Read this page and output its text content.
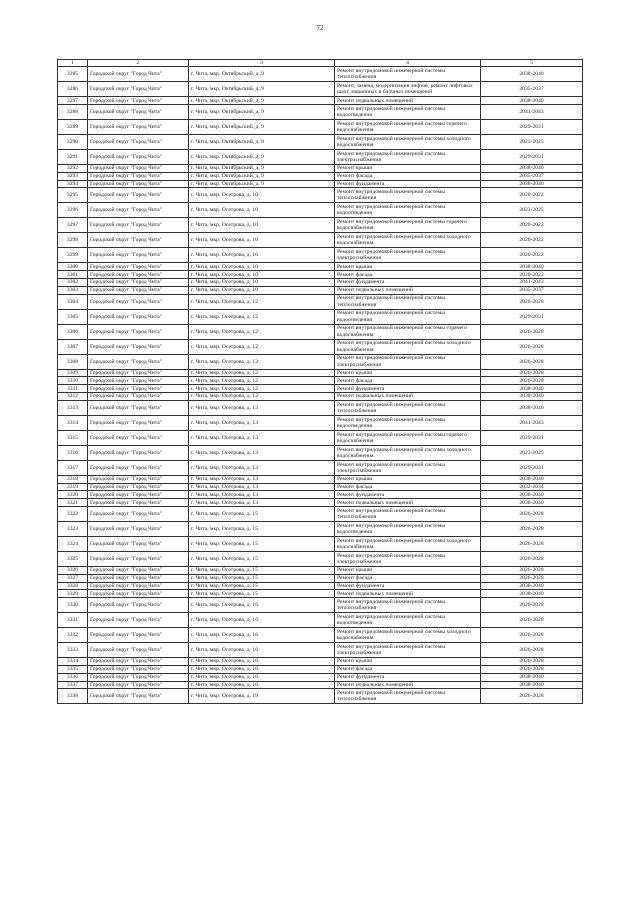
72
1	2	3	4	5
3285	Городской округ "Город Чита"	г. Чита, мкр. Октябрьский, д. 9	Ремонт внутридомовой инженерной системы теплоснабжения	2038-2040
3286	Городской округ "Город Чита"	г. Чита, мкр. Октябрьский, д. 9	Ремонт, замена, модернизация лифтов, ремонт лифтовых шахт, машинных и блочных помещений	2035-2037
3287	Городской округ "Город Чита"	г. Чита, мкр. Октябрьский, д. 9	Ремонт подвальных помещений	2038-2040
3288	Городской округ "Город Чита"	г. Чита, мкр. Октябрьский, д. 9	Ремонт внутридомовой инженерной системы водоотведения	2041-2043
3289	Городской округ "Город Чита"	г. Чита, мкр. Октябрьский, д. 9	Ремонт внутридомовой инженерной системы горячего водоснабжения	2029-2031
3290	Городской округ "Город Чита"	г. Чита, мкр. Октябрьский, д. 9	Ремонт внутридомовой инженерной системы холодного водоснабжения	2023-2025
3291	Городской округ "Город Чита"	г. Чита, мкр. Октябрьский, д. 9	Ремонт внутридомовой инженерной системы электроснабжения	2029-2031
3292	Городской округ "Город Чита"	г. Чита, мкр. Октябрьский, д. 9	Ремонт крыши	2038-2040
3293	Городской округ "Город Чита"	г. Чита, мкр. Октябрьский, д. 9	Ремонт фасада	2035-2037
3294	Городской округ "Город Чита"	г. Чита, мкр. Октябрьский, д. 9	Ремонт фундамента	2038-2040
3295	Городской округ "Город Чита"	г. Чита, мкр. Осетрова, д. 10	Ремонт внутридомовой инженерной системы теплоснабжения	2020-2022
3296	Городской округ "Город Чита"	г. Чита, мкр. Осетрова, д. 10	Ремонт внутридомовой инженерной системы водоотведения	2023-2025
3297	Городской округ "Город Чита"	г. Чита, мкр. Осетрова, д. 10	Ремонт внутридомовой инженерной системы горячего водоснабжения	2020-2022
3298	Городской округ "Город Чита"	г. Чита, мкр. Осетрова, д. 10	Ремонт внутридомовой инженерной системы холодного водоснабжения	2020-2022
3299	Городской округ "Город Чита"	г. Чита, мкр. Осетрова, д. 10	Ремонт внутридомовой инженерной системы электроснабжения	2020-2022
3300	Городской округ "Город Чита"	г. Чита, мкр. Осетрова, д. 10	Ремонт крыши	2038-2040
3301	Городской округ "Город Чита"	г. Чита, мкр. Осетрова, д. 10	Ремонт фасада	2020-2022
3302	Городской округ "Город Чита"	г. Чита, мкр. Осетрова, д. 10	Ремонт фундамента	2041-2043
3303	Городской округ "Город Чита"	г. Чита, мкр. Осетрова, д. 10	Ремонт подвальных помещений	2035-2037
3304	Городской округ "Город Чита"	г. Чита, мкр. Осетрова, д. 12	Ремонт внутридомовой инженерной системы теплоснабжения	2026-2028
3305	Городской округ "Город Чита"	г. Чита, мкр. Осетрова, д. 12	Ремонт внутридомовой инженерной системы водоотведения	2029-2031
3306	Городской округ "Город Чита"	г. Чита, мкр. Осетрова, д. 12	Ремонт внутридомовой инженерной системы горячего водоснабжения	2026-2028
3307	Городской округ "Город Чита"	г. Чита, мкр. Осетрова, д. 12	Ремонт внутридомовой инженерной системы холодного водоснабжения	2026-2028
3308	Городской округ "Город Чита"	г. Чита, мкр. Осетрова, д. 12	Ремонт внутридомовой инженерной системы электроснабжения	2026-2028
3309	Городской округ "Город Чита"	г. Чита, мкр. Осетрова, д. 12	Ремонт крыши	2026-2028
3310	Городской округ "Город Чита"	г. Чита, мкр. Осетрова, д. 12	Ремонт фасада	2026-2028
3311	Городской округ "Город Чита"	г. Чита, мкр. Осетрова, д. 12	Ремонт фундамента	2038-2040
3312	Городской округ "Город Чита"	г. Чита, мкр. Осетрова, д. 12	Ремонт подвальных помещений	2038-2040
3313	Городской округ "Город Чита"	г. Чита, мкр. Осетрова, д. 13	Ремонт внутридомовой инженерной системы теплоснабжения	2038-2040
3314	Городской округ "Город Чита"	г. Чита, мкр. Осетрова, д. 13	Ремонт внутридомовой инженерной системы водоотведения	2041-2043
3315	Городской округ "Город Чита"	г. Чита, мкр. Осетрова, д. 13	Ремонт внутридомовой инженерной системы горячего водоснабжения	2029-2031
3316	Городской округ "Город Чита"	г. Чита, мкр. Осетрова, д. 13	Ремонт внутридомовой инженерной системы холодного водоснабжения	2023-2025
3317	Городской округ "Город Чита"	г. Чита, мкр. Осетрова, д. 13	Ремонт внутридомовой инженерной системы электроснабжения	2029-2031
3318	Городской округ "Город Чита"	г. Чита, мкр. Осетрова, д. 13	Ремонт крыши	2038-2040
3319	Городской округ "Город Чита"	г. Чита, мкр. Осетрова, д. 13	Ремонт фасада	2032-2034
3320	Городской округ "Город Чита"	г. Чита, мкр. Осетрова, д. 13	Ремонт фундамента	2038-2040
3321	Городской округ "Город Чита"	г. Чита, мкр. Осетрова, д. 13	Ремонт подвальных помещений	2038-2040
3322	Городской округ "Город Чита"	г. Чита, мкр. Осетрова, д. 15	Ремонт внутридомовой инженерной системы теплоснабжения	2026-2028
3323	Городской округ "Город Чита"	г. Чита, мкр. Осетрова, д. 15	Ремонт внутридомовой инженерной системы водоотведения	2026-2028
3324	Городской округ "Город Чита"	г. Чита, мкр. Осетрова, д. 15	Ремонт внутридомовой инженерной системы холодного водоснабжения	2026-2028
3325	Городской округ "Город Чита"	г. Чита, мкр. Осетрова, д. 15	Ремонт внутридомовой инженерной системы электроснабжения	2026-2028
3326	Городской округ "Город Чита"	г. Чита, мкр. Осетрова, д. 15	Ремонт крыши	2026-2028
3327	Городской округ "Город Чита"	г. Чита, мкр. Осетрова, д. 15	Ремонт фасада	2026-2028
3328	Городской округ "Город Чита"	г. Чита, мкр. Осетрова, д. 15	Ремонт фундамента	2038-2040
3329	Городской округ "Город Чита"	г. Чита, мкр. Осетрова, д. 15	Ремонт подвальных помещений	2038-2040
3330	Городской округ "Город Чита"	г. Чита, мкр. Осетрова, д. 16	Ремонт внутридомовой инженерной системы теплоснабжения	2026-2028
3331	Городской округ "Город Чита"	г. Чита, мкр. Осетрова, д. 16	Ремонт внутридомовой инженерной системы водоотведения	2026-2028
3332	Городской округ "Город Чита"	г. Чита, мкр. Осетрова, д. 16	Ремонт внутридомовой инженерной системы холодного водоснабжения	2026-2028
3333	Городской округ "Город Чита"	г. Чита, мкр. Осетрова, д. 16	Ремонт внутридомовой инженерной системы электроснабжения	2026-2028
3334	Городской округ "Город Чита"	г. Чита, мкр. Осетрова, д. 16	Ремонт крыши	2026-2028
3335	Городской округ "Город Чита"	г. Чита, мкр. Осетрова, д. 16	Ремонт фасада	2026-2028
3336	Городской округ "Город Чита"	г. Чита, мкр. Осетрова, д. 16	Ремонт фундамента	2038-2040
3337	Городской округ "Город Чита"	г. Чита, мкр. Осетрова, д. 16	Ремонт подвальных помещений	2038-2040
3338	Городской округ "Город Чита"	г. Чита, мкр. Осетрова, д. 19	Ремонт внутридомовой инженерной системы теплоснабжения	2026-2028
